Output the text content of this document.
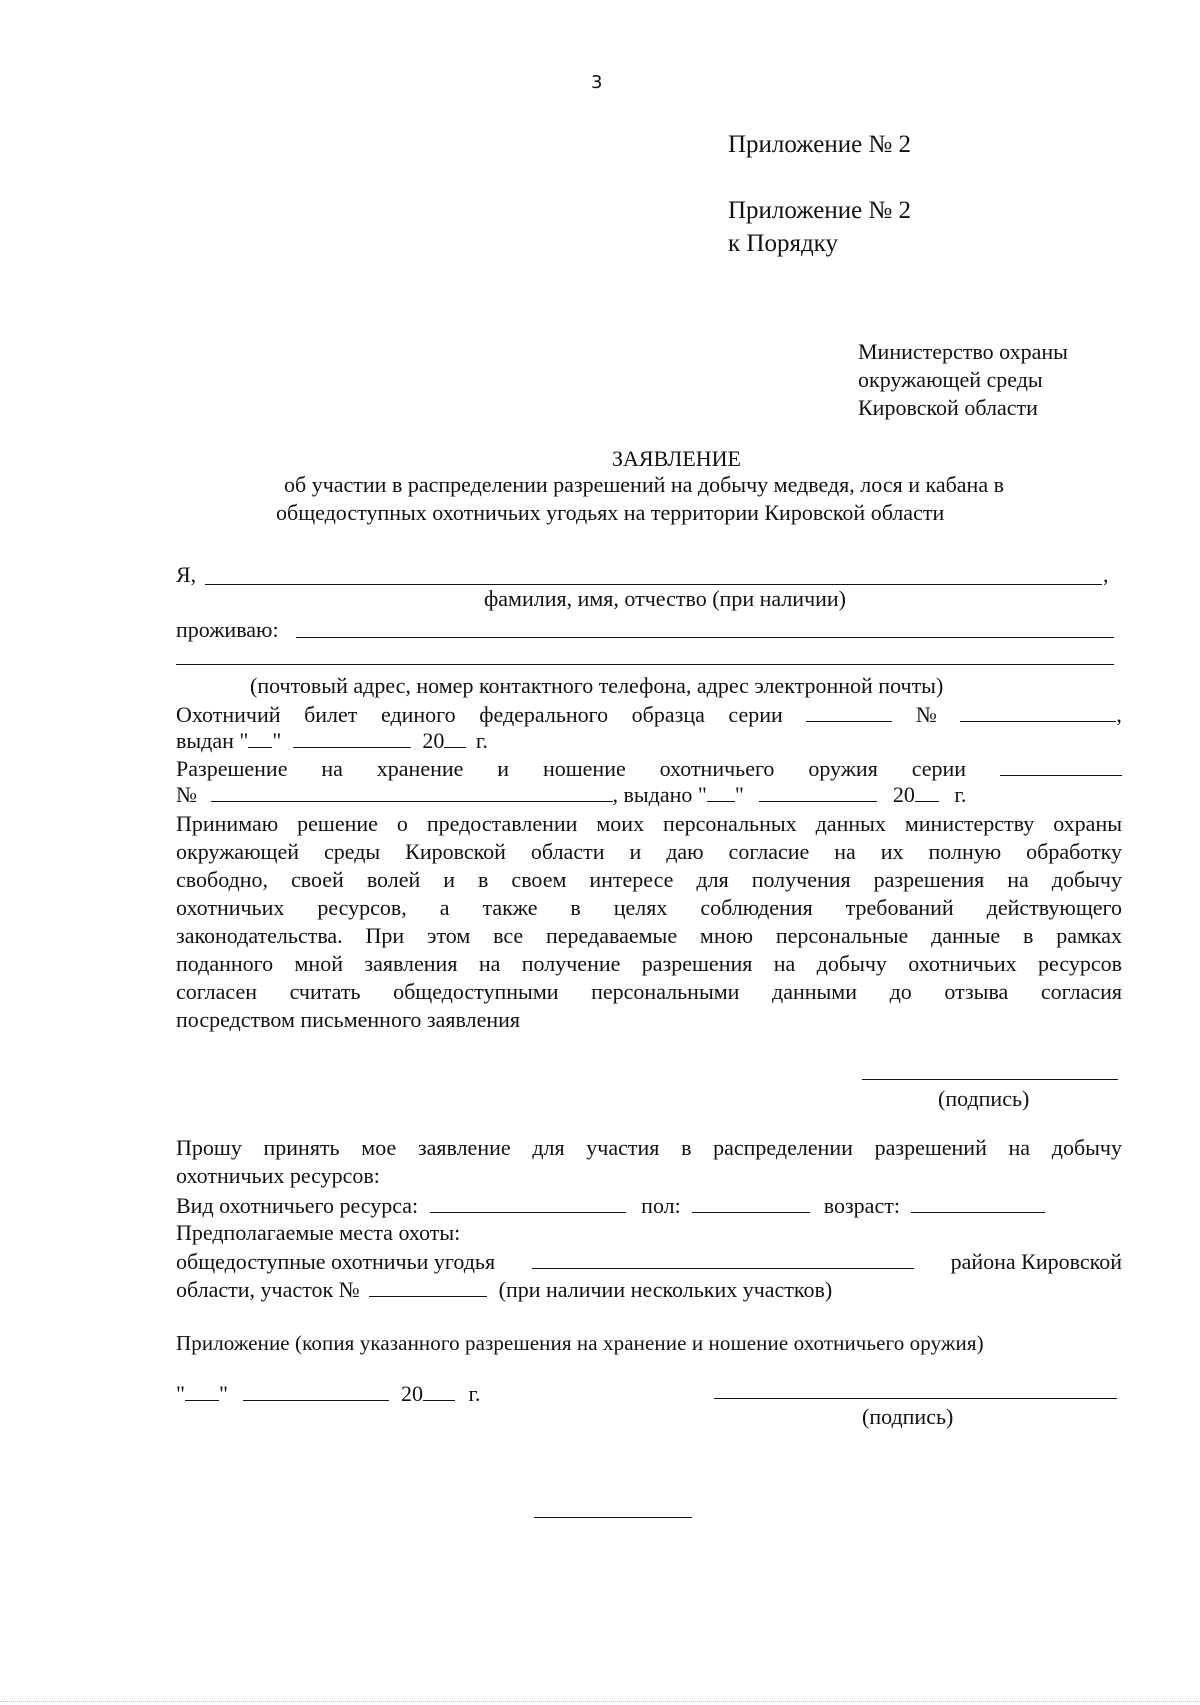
3
Приложение № 2
Приложение № 2
к Порядку
Министерство охраны
окружающей среды
Кировской области
ЗАЯВЛЕНИЕ
об участии в распределении разрешений на добычу медведя, лося и кабана в
общедоступных охотничьих угодьях на территории Кировской области
Я,	,
фамилия, имя, отчество (при наличии)
проживаю:
(почтовый адрес, номер контактного телефона, адрес электронной почты)
Охотничий билет единого федерального образца серии	№	,
выдан " "	20 г.
Разрешение на хранение и ношение охотничьего оружия серии
№	, выдано " "	20 г.
Принимаю решение о предоставлении моих персональных данных министерству охраны
окружающей среды Кировской области и даю согласие на их полную обработку
свободно, своей волей и в своем интересе для получения разрешения на добычу
охотничьих ресурсов, а также в целях соблюдения требований действующего
законодательства. При этом все передаваемые мною персональные данные в рамках
поданного мной заявления на получение разрешения на добычу охотничьих ресурсов
согласен считать общедоступными персональными данными до отзыва согласия
посредством письменного заявления
(подпись)
Прошу принять мое заявление для участия в распределении разрешений на добычу
охотничьих ресурсов:
Вид охотничьего ресурса:	пол:	возраст:
Предполагаемые места охоты:
общедоступные охотничьи угодья	района Кировской
области, участок №	(при наличии нескольких участков)
Приложение (копия указанного разрешения на хранение и ношение охотничьего оружия)
" "	20 г.
(подпись)
